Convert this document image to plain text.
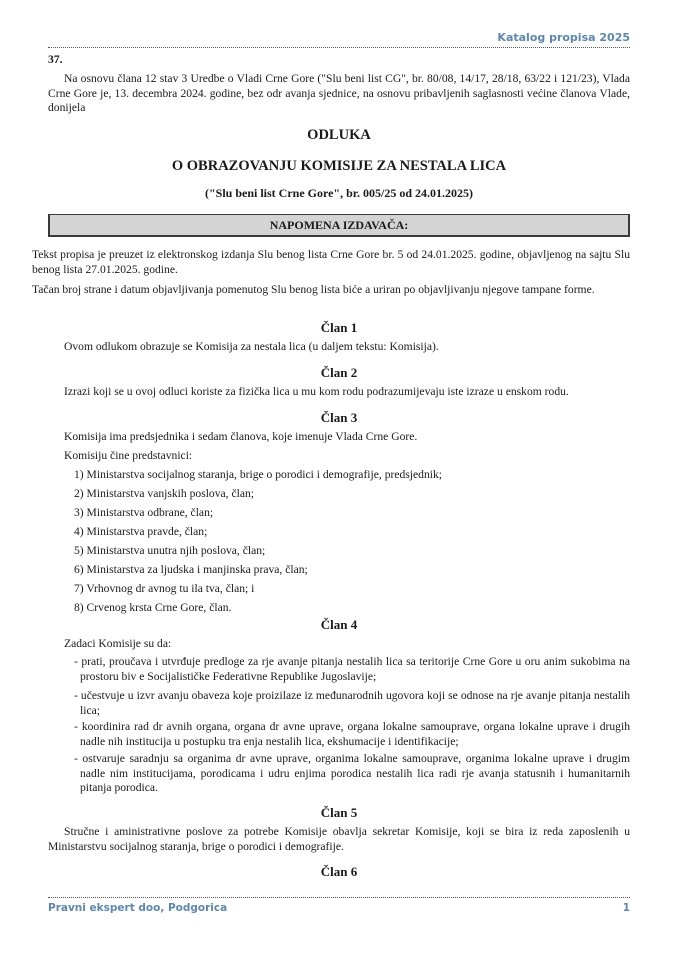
Katalog propisa 2025
37.
Na osnovu člana 12 stav 3 Uredbe o Vladi Crne Gore ("Slu beni list CG", br. 80/08, 14/17, 28/18, 63/22 i 121/23), Vlada Crne Gore je, 13. decembra 2024. godine, bez odr avanja sjednice, na osnovu pribavljenih saglasnosti većine članova Vlade, donijela
ODLUKA
O OBRAZOVANJU KOMISIJE ZA NESTALA LICA
("Slu beni list Crne Gore", br. 005/25 od 24.01.2025)
NAPOMENA IZDAVAČA:
Tekst propisa je preuzet iz elektronskog izdanja Slu benog lista Crne Gore br. 5 od 24.01.2025. godine, objavljenog na sajtu Slu benog lista 27.01.2025. godine.
Tačan broj strane i datum objavljivanja pomenutog Slu benog lista biće a uriran po objavljivanju njegove tampane forme.
Član 1
Ovom odlukom obrazuje se Komisija za nestala lica (u daljem tekstu: Komisija).
Član 2
Izrazi koji se u ovoj odluci koriste za fizička lica u mu kom rodu podrazumijevaju iste izraze u enskom rodu.
Član 3
Komisija ima predsjednika i sedam članova, koje imenuje Vlada Crne Gore.
Komisiju čine predstavnici:
1) Ministarstva socijalnog staranja, brige o porodici i demografije, predsjednik;
2) Ministarstva vanjskih poslova, član;
3) Ministarstva odbrane, član;
4) Ministarstva pravde, član;
5) Ministarstva unutra njih poslova, član;
6) Ministarstva za ljudska i manjinska prava, član;
7) Vrhovnog dr avnog tu ila tva, član; i
8) Crvenog krsta Crne Gore, član.
Član 4
Zadaci Komisije su da:
- prati, proučava i utvrđuje predloge za rje avanje pitanja nestalih lica sa teritorije Crne Gore u oru anim sukobima na prostoru biv e Socijalističke Federativne Republike Jugoslavije;
- učestvuje u izvr avanju obaveza koje proizilaze iz međunarodnih ugovora koji se odnose na rje avanje pitanja nestalih lica;
- koordinira rad dr avnih organa, organa dr avne uprave, organa lokalne samouprave, organa lokalne uprave i drugih nadle nih institucija u postupku tra enja nestalih lica, ekshumacije i identifikacije;
- ostvaruje saradnju sa organima dr avne uprave, organima lokalne samouprave, organima lokalne uprave i drugim nadle nim institucijama, porodicama i udru enjima porodica nestalih lica radi rje avanja statusnih i humanitarnih pitanja porodica.
Član 5
Stručne i aministrativne poslove za potrebe Komisije obavlja sekretar Komisije, koji se bira iz reda zaposlenih u Ministarstvu socijalnog staranja, brige o porodici i demografije.
Član 6
Pravni ekspert doo, Podgorica	1
